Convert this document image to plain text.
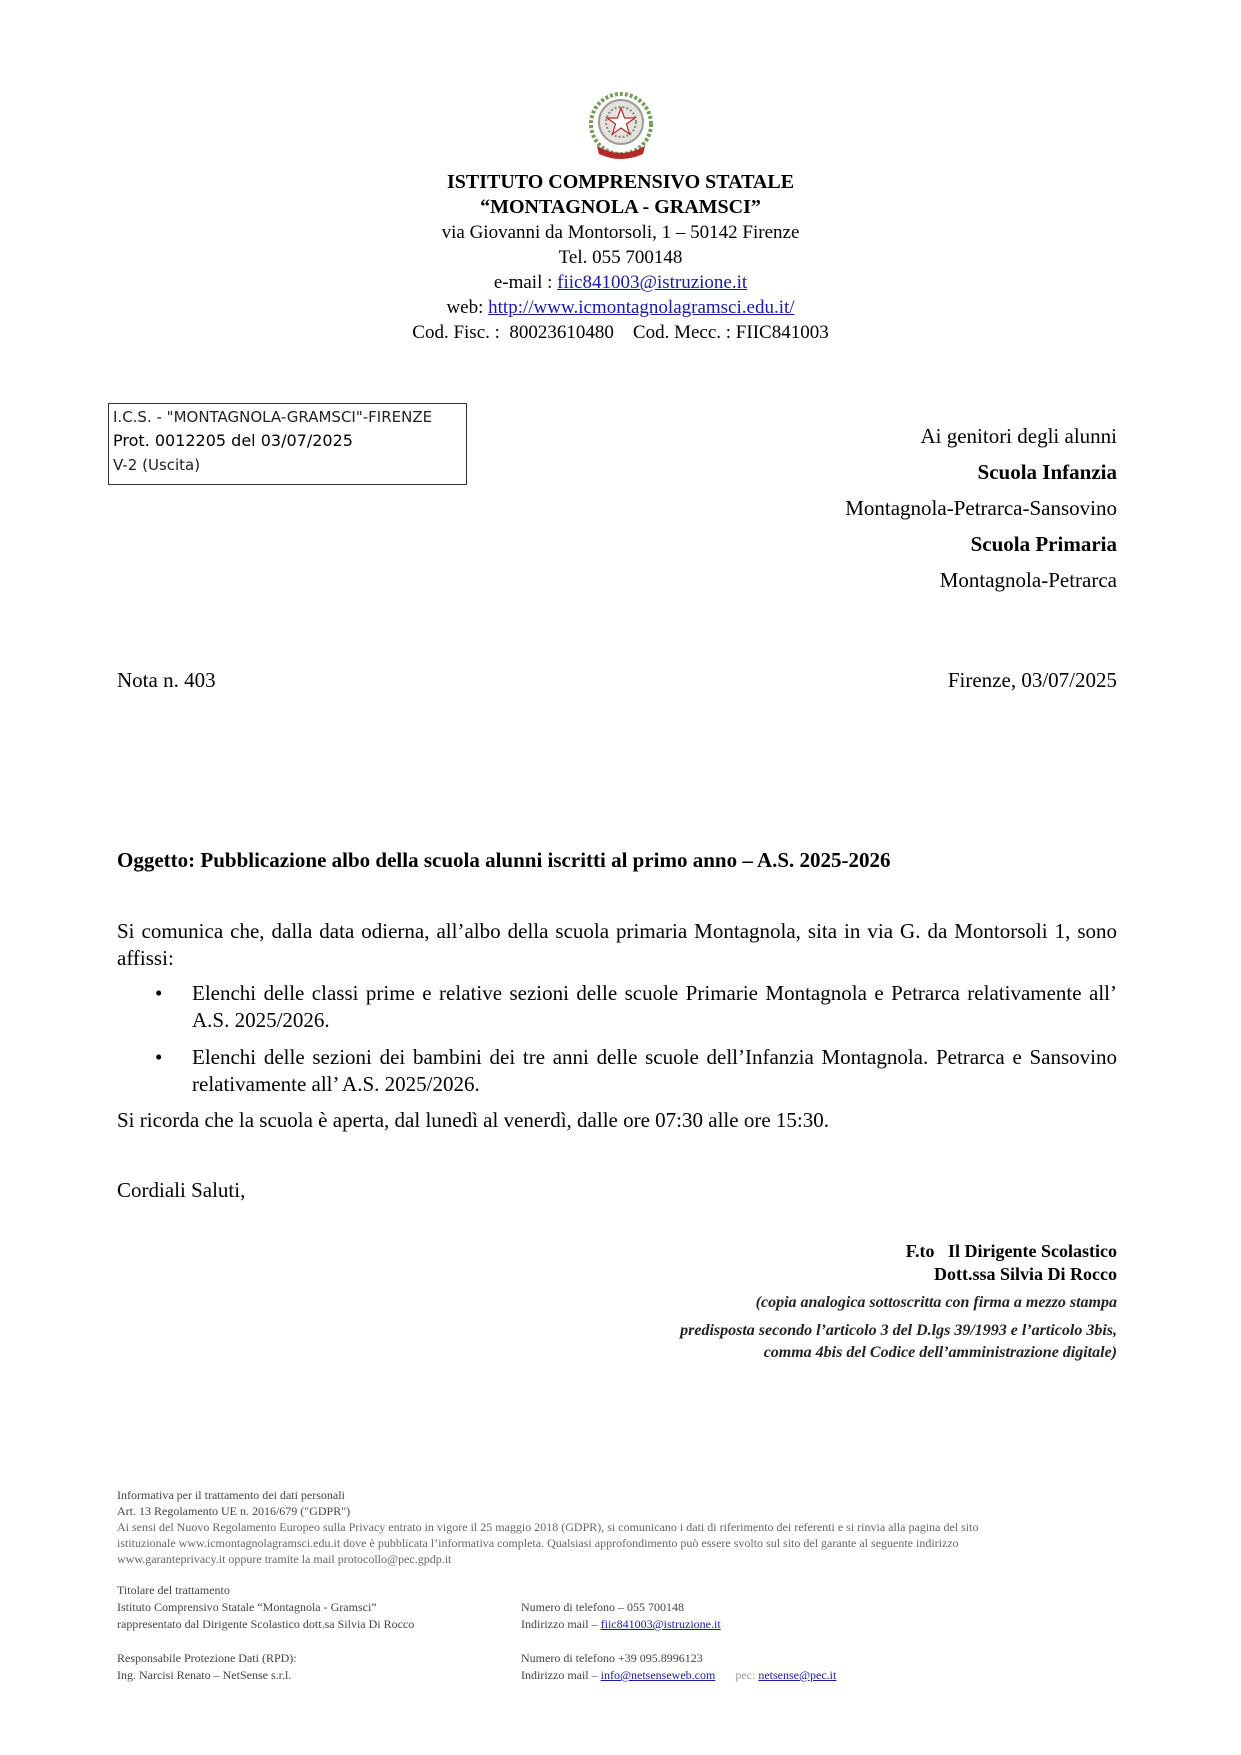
ISTITUTO COMPRENSIVO STATALE
“MONTAGNOLA - GRAMSCI”
via Giovanni da Montorsoli, 1 – 50142 Firenze
Tel. 055 700148
e-mail : fiic841003@istruzione.it
web: http://www.icmontagnolagramsci.edu.it/
Cod. Fisc. :  80023610480    Cod. Mecc. : FIIC841003
I.C.S. - "MONTAGNOLA-GRAMSCI"-FIRENZE
Prot. 0012205 del 03/07/2025
V-2 (Uscita)
Ai genitori degli alunni
Scuola Infanzia
Montagnola-Petrarca-Sansovino
Scuola Primaria
Montagnola-Petrarca
Nota n. 403	Firenze, 03/07/2025
Oggetto: Pubblicazione albo della scuola alunni iscritti al primo anno – A.S. 2025-2026
Si comunica che, dalla data odierna, all’albo della scuola primaria Montagnola, sita in via G. da Montorsoli 1, sono affissi:
• Elenchi delle classi prime e relative sezioni delle scuole Primarie Montagnola e Petrarca relativamente all’ A.S. 2025/2026.
• Elenchi delle sezioni dei bambini dei tre anni delle scuole dell’Infanzia Montagnola. Petrarca e Sansovino relativamente all’ A.S. 2025/2026.
Si ricorda che la scuola è aperta, dal lunedì al venerdì, dalle ore 07:30 alle ore 15:30.
Cordiali Saluti,
F.to   Il Dirigente Scolastico
Dott.ssa Silvia Di Rocco
(copia analogica sottoscritta con firma a mezzo stampa
predisposta secondo l’articolo 3 del D.lgs 39/1993 e l’articolo 3bis,
comma 4bis del Codice dell’amministrazione digitale)
Informativa per il trattamento dei dati personali
Art. 13 Regolamento UE n. 2016/679 ("GDPR")
Ai sensi del Nuovo Regolamento Europeo sulla Privacy entrato in vigore il 25 maggio 2018 (GDPR), si comunicano i dati di riferimento dei referenti e si rinvia alla pagina del sito
istituzionale www.icmontagnolagramsci.edu.it dove è pubblicata l’informativa completa. Qualsiasi approfondimento può essere svolto sul sito del garante al seguente indirizzo
www.garanteprivacy.it oppure tramite la mail protocollo@pec.gpdp.it
Titolare del trattamento
Istituto Comprensivo Statale “Montagnola - Gramsci”
rappresentato dal Dirigente Scolastico dott.sa Silvia Di Rocco
Numero di telefono – 055 700148
Indirizzo mail – fiic841003@istruzione.it
Responsabile Protezione Dati (RPD):
Ing. Narcisi Renato – NetSense s.r.l.
Numero di telefono +39 095.8996123
Indirizzo mail – info@netsenseweb.com pec: netsense@pec.it
